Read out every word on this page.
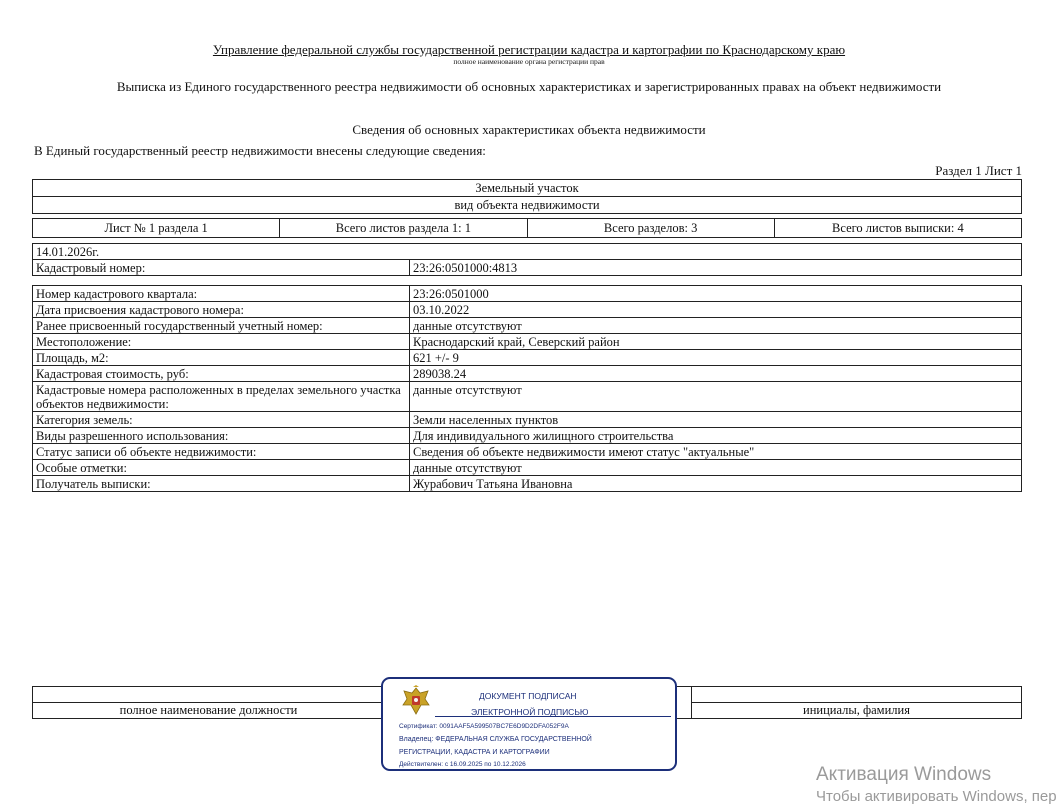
Управление федеральной службы государственной регистрации кадастра и картографии по Краснодарскому краю
полное наименование органа регистрации прав
Выписка из Единого государственного реестра недвижимости об основных характеристиках и зарегистрированных правах на объект недвижимости
Сведения об основных характеристиках объекта недвижимости
В Единый государственный реестр недвижимости внесены следующие сведения:
Раздел 1 Лист 1
Земельный участок
вид объекта недвижимости
Лист № 1 раздела 1	Всего листов раздела 1: 1	Всего разделов: 3	Всего листов выписки: 4
14.01.2026г.
Кадастровый номер:	23:26:0501000:4813
Номер кадастрового квартала:	23:26:0501000
Дата присвоения кадастрового номера:	03.10.2022
Ранее присвоенный государственный учетный номер:	данные отсутствуют
Местоположение:	Краснодарский край, Северский район
Площадь, м2:	621 +/- 9
Кадастровая стоимость, руб:	289038.24
Кадастровые номера расположенных в пределах земельного участка объектов недвижимости:	данные отсутствуют
Категория земель:	Земли населенных пунктов
Виды разрешенного использования:	Для индивидуального жилищного строительства
Статус записи об объекте недвижимости:	Сведения об объекте недвижимости имеют статус "актуальные"
Особые отметки:	данные отсутствуют
Получатель выписки:	Журабович Татьяна Ивановна

полное наименование должности		инициалы, фамилия
ДОКУМЕНТ ПОДПИСАН
ЭЛЕКТРОННОЙ ПОДПИСЬЮ
Сертификат: 0091AAF5A599507BC7E6D9D2DFA052F9A
Владелец: ФЕДЕРАЛЬНАЯ СЛУЖБА ГОСУДАРСТВЕННОЙ
РЕГИСТРАЦИИ, КАДАСТРА И КАРТОГРАФИИ
Действителен: с 16.09.2025 по 10.12.2026	Активация Windows
Чтобы активировать Windows, пер
